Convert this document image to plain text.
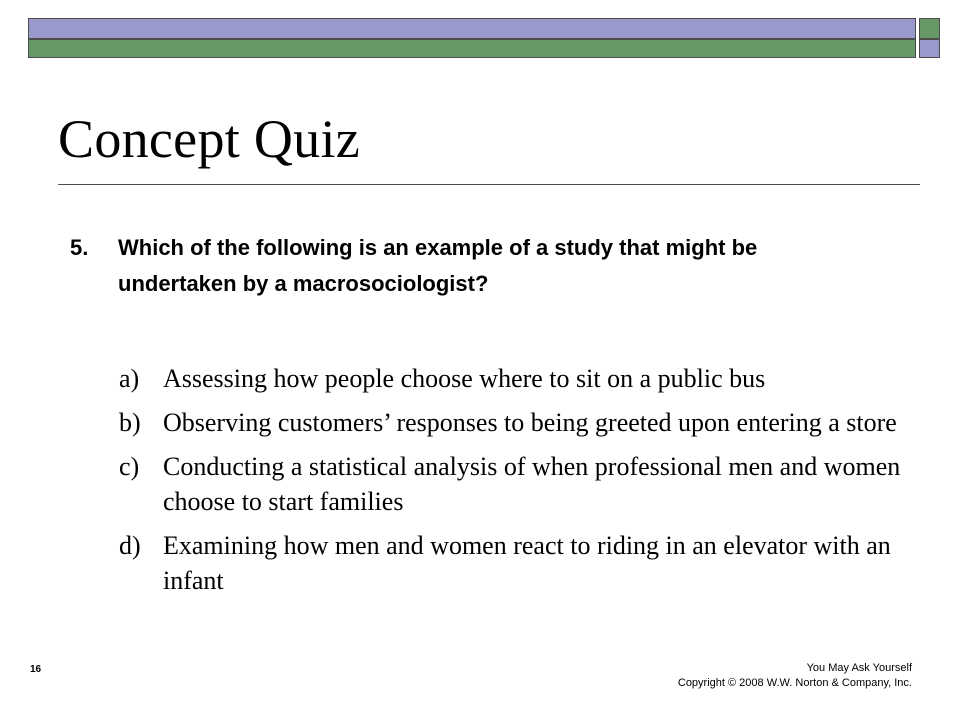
Concept Quiz
5. Which of the following is an example of a study that might be undertaken by a macrosociologist?
a) Assessing how people choose where to sit on a public bus
b) Observing customers’ responses to being greeted upon entering a store
c) Conducting a statistical analysis of when professional men and women choose to start families
d) Examining how men and women react to riding in an elevator with an infant
16	You May Ask Yourself
Copyright © 2008 W.W. Norton & Company, Inc.
